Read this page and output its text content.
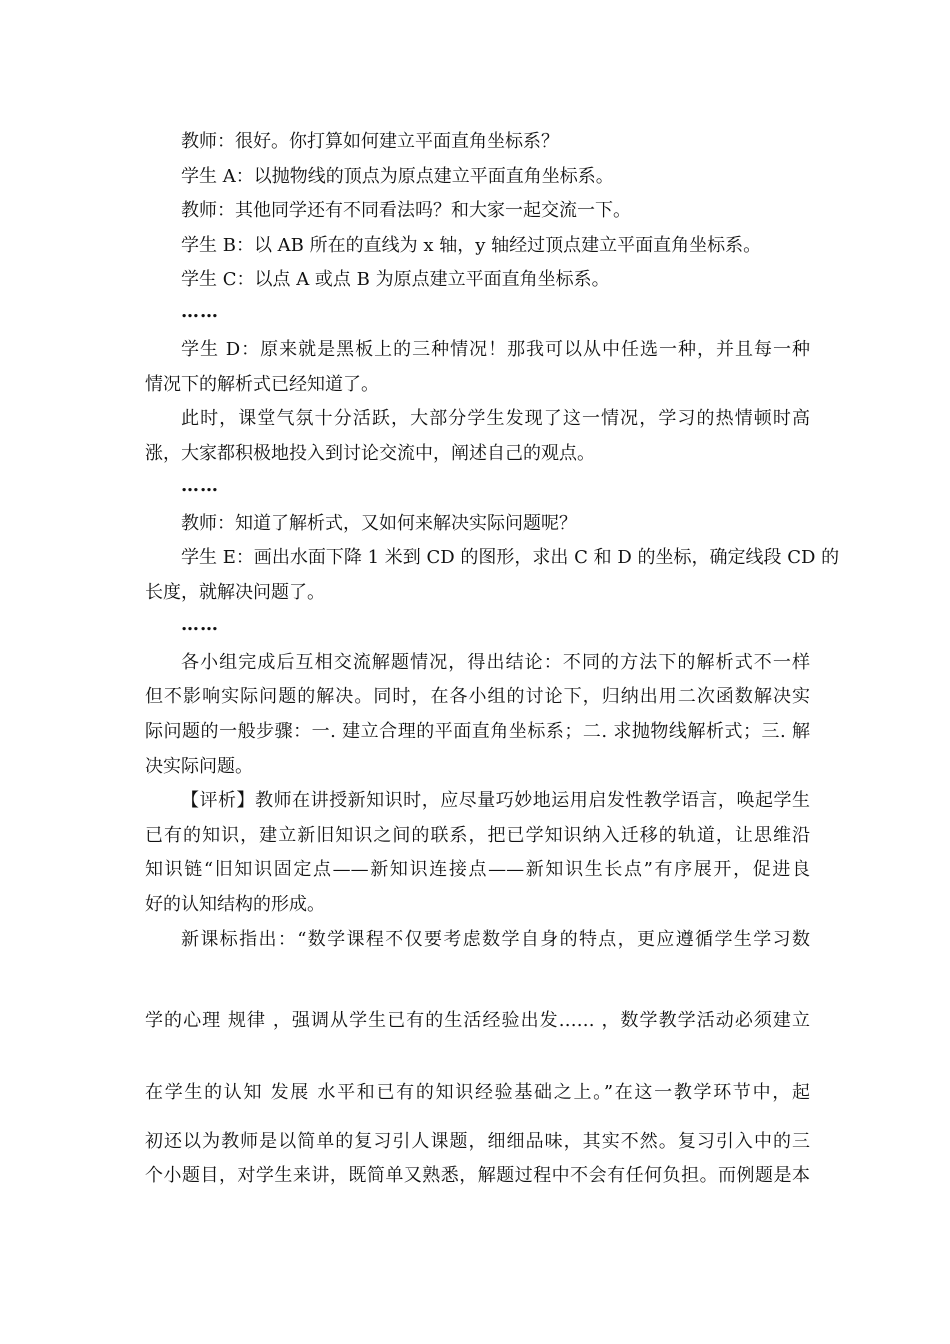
教师：很好。你打算如何建立平面直角坐标系？
学生 A：以抛物线的顶点为原点建立平面直角坐标系。
教师：其他同学还有不同看法吗？和大家一起交流一下。
学生 B：以 AB 所在的直线为 x 轴，y 轴经过顶点建立平面直角坐标系。
学生 C：以点 A 或点 B 为原点建立平面直角坐标系。
……
学生 D：原来就是黑板上的三种情况！那我可以从中任选一种，并且每一种
情况下的解析式已经知道了。
此时，课堂气氛十分活跃，大部分学生发现了这一情况，学习的热情顿时高
涨，大家都积极地投入到讨论交流中，阐述自己的观点。
……
教师：知道了解析式，又如何来解决实际问题呢？
学生 E：画出水面下降 1 米到 CD 的图形，求出 C 和 D 的坐标，确定线段 CD 的
长度，就解决问题了。
……
各小组完成后互相交流解题情况，得出结论：不同的方法下的解析式不一样
但不影响实际问题的解决。同时，在各小组的讨论下，归纳出用二次函数解决实
际问题的一般步骤：一. 建立合理的平面直角坐标系；二. 求抛物线解析式；三. 解
决实际问题。
【评析】教师在讲授新知识时，应尽量巧妙地运用启发性教学语言，唤起学生
已有的知识，建立新旧知识之间的联系，把已学知识纳入迁移的轨道，让思维沿
知识链“旧知识固定点——新知识连接点——新知识生长点”有序展开，促进良
好的认知结构的形成。
新课标指出：“数学课程不仅要考虑数学自身的特点，更应遵循学生学习数
学的心理 规律 ，强调从学生已有的生活经验出发…… ，数学教学活动必须建立
在学生的认知 发展 水平和已有的知识经验基础之上。”在这一教学环节中，起
初还以为教师是以简单的复习引人课题，细细品味，其实不然。复习引入中的三
个小题目，对学生来讲，既简单又熟悉，解题过程中不会有任何负担。而例题是本
